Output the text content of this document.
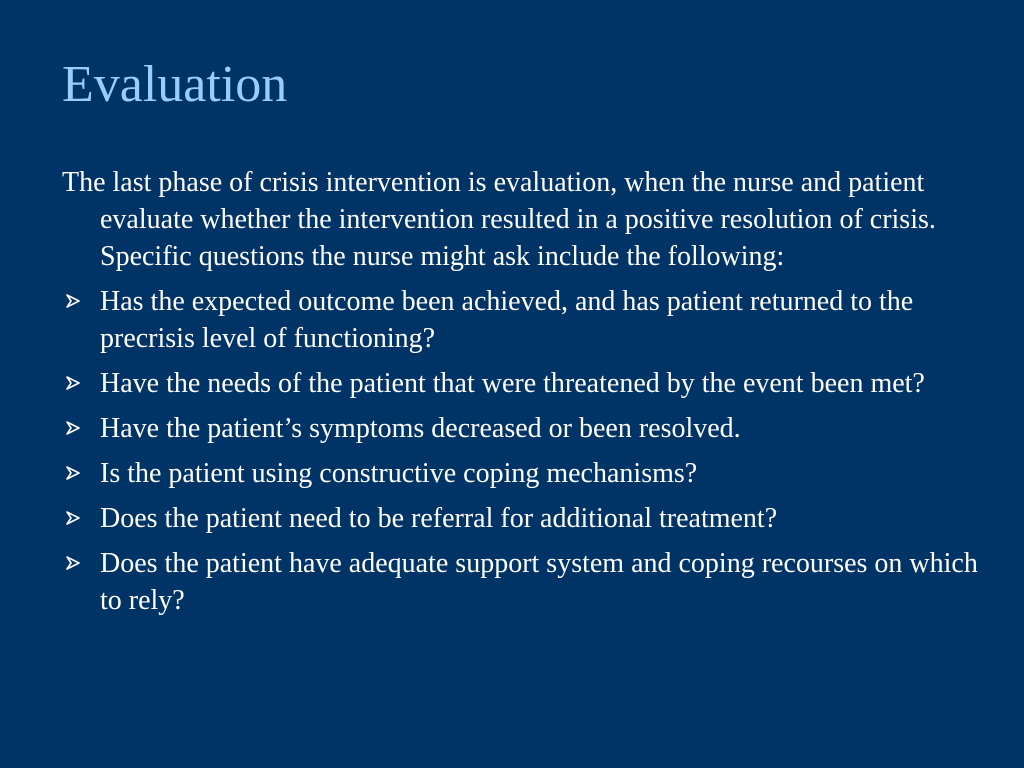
Evaluation

The last phase of crisis intervention is evaluation, when the nurse and patient evaluate whether the intervention resulted in a positive resolution of crisis. Specific questions the nurse might ask include the following:

Has the expected outcome been achieved, and has patient returned to the precrisis level of functioning?
Have the needs of the patient that were threatened by the event been met?
Have the patient’s symptoms decreased or been resolved.
Is the patient using constructive coping mechanisms?
Does the patient need to be referral for additional treatment?
Does the patient have adequate support system and coping recourses on which to rely?
